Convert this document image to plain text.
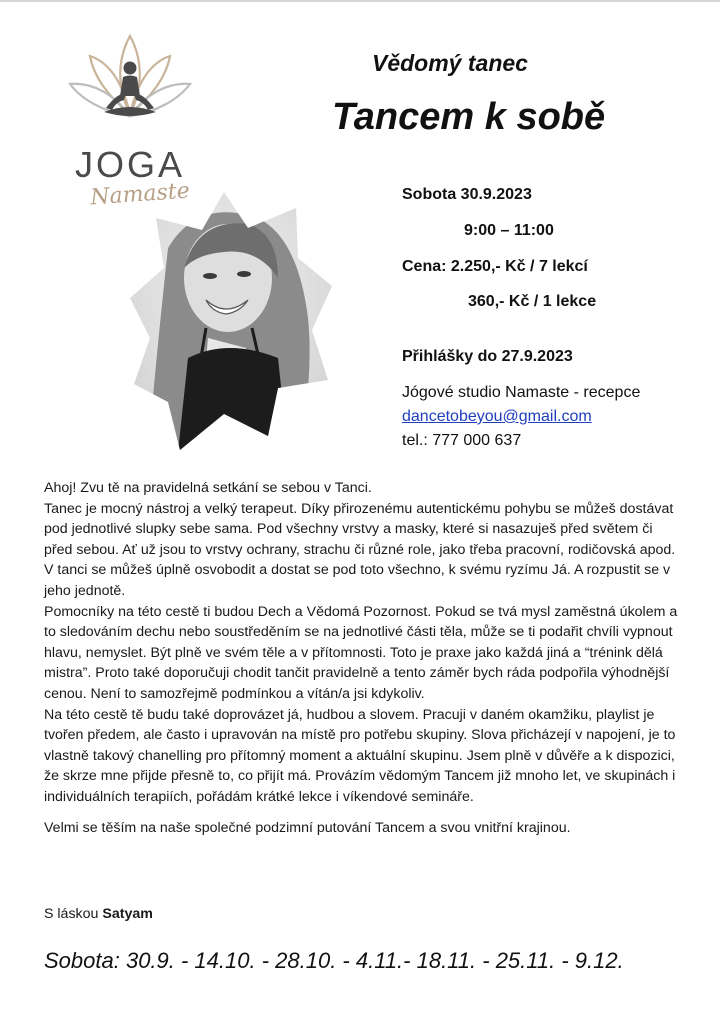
JOGA
Namaste
Vědomý tanec
Tancem k sobě
Sobota 30.9.2023
9:00 – 11:00
Cena: 2.250,- Kč / 7 lekcí
360,- Kč / 1 lekce
Přihlášky do 27.9.2023
Jógové studio Namaste - recepce
dancetobeyou@gmail.com
tel.: 777 000 637

Ahoj! Zvu tě na pravidelná setkání se sebou v Tanci.

Tanec je mocný nástroj a velký terapeut. Díky přirozenému autentickému pohybu se můžeš dostávat pod jednotlivé slupky sebe sama. Pod všechny vrstvy a masky, které si nasazuješ před světem či před sebou. Ať už jsou to vrstvy ochrany, strachu či různé role, jako třeba pracovní, rodičovská apod. V tanci se můžeš úplně osvobodit a dostat se pod toto všechno, k svému ryzímu Já. A rozpustit se v jeho jednotě.

Pomocníky na této cestě ti budou Dech a Vědomá Pozornost. Pokud se tvá mysl zaměstná úkolem a to sledováním dechu nebo soustředěním se na jednotlivé části těla, může se ti podařit chvíli vypnout hlavu, nemyslet. Být plně ve svém těle a v přítomnosti. Toto je praxe jako každá jiná a “trénink dělá mistra”. Proto také doporučuji chodit tančit pravidelně a tento záměr bych ráda podpořila výhodnější cenou. Není to samozřejmě podmínkou a vítán/a jsi kdykoliv.

Na této cestě tě budu také doprovázet já, hudbou a slovem. Pracuji v daném okamžiku, playlist je tvořen předem, ale často i upravován na místě pro potřebu skupiny. Slova přicházejí v napojení, je to vlastně takový chanelling pro přítomný moment a aktuální skupinu. Jsem plně v důvěře a k dispozici, že skrze mne přijde přesně to, co přijít má. Provázím vědomým Tancem již mnoho let, ve skupinách i individuálních terapiích, pořádám krátké lekce i víkendové semináře.

Velmi se těším na naše společné podzimní putování Tancem a svou vnitřní krajinou.

S láskou Satyam
Sobota: 30.9. - 14.10. - 28.10. - 4.11.- 18.11. - 25.11. - 9.12.
